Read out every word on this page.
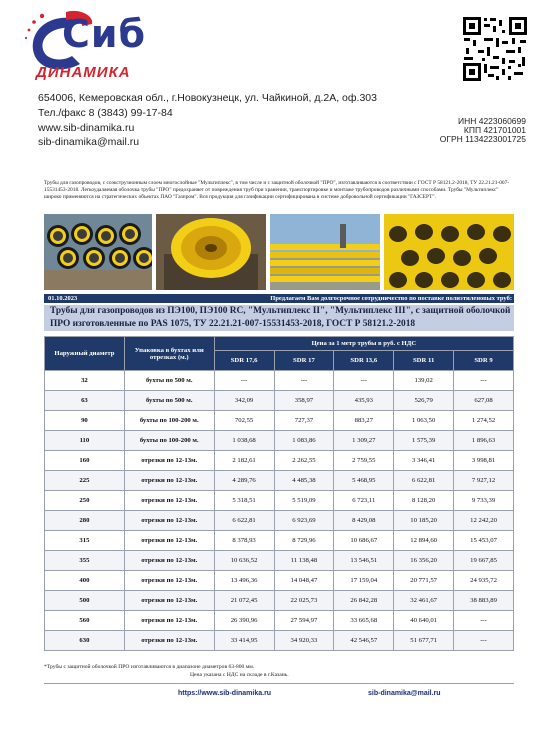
Сиб
ДИНАМИКА
654006, Кемеровская обл., г.Новокузнецк, ул. Чайкиной, д.2А, оф.303
Тел./факс 8 (3843) 99-17-84
www.sib-dinamika.ru
sib-dinamika@mail.ru
ИНН 4223060699
КПП 421701001
ОГРН 1134223001725
Трубы для газопроводов, с соэкструзионным слоем многослойные "Мультиплекс", в том числе и с защитной оболочкой "ПРО", изготавливаются в соответствии с ГОСТ Р 58121.2-2018, ТУ 22.21.21-007-15531453-2018. Легкоудаляемая оболочка трубы "ПРО" предохраняет от повреждения труб при хранении, транспортировке и монтаже трубопроводов различными способами. Трубы "Мультиплекс" широко применяются на стратегических объектах ПАО "Газпром". Вся продукция для газификации сертифицирована в системе добровольной сертификации "ГАЗСЕРТ".
01.10.2023	Предлагаем Вам долгосрочное сотрудничество по поставке полиэтиленовых труб:
Трубы для газопроводов из ПЭ100, ПЭ100 RC, "Мультиплекс II", "Мультиплекс III", с защитной оболочкой ПРО изготовленные по PAS 1075, ТУ 22.21.21-007-15531453-2018, ГОСТ Р 58121.2-2018
Наружный диаметр	Упаковка в бухтах или отрезках (м.)	Цена за 1 метр трубы в руб. с НДС				
		SDR 17,6	SDR 17	SDR 13,6	SDR 11	SDR 9
32	бухты по 500 м.	---	---	---	139,02	---
63	бухты по 500 м.	342,09	358,97	435,93	526,79	627,08
90	бухты по 100-200 м.	702,55	727,37	883,27	1 063,50	1 274,52
110	бухты по 100-200 м.	1 038,68	1 083,86	1 309,27	1 575,39	1 896,63
160	отрезки по 12-13м.	2 182,61	2 262,55	2 759,55	3 346,41	3 998,81
225	отрезки по 12-13м.	4 289,76	4 485,38	5 468,95	6 622,81	7 927,12
250	отрезки по 12-13м.	5 318,51	5 519,09	6 723,11	8 128,20	9 733,39
280	отрезки по 12-13м.	6 622,81	6 923,69	8 429,08	10 185,20	12 242,20
315	отрезки по 12-13м.	8 378,93	8 729,96	10 686,67	12 894,60	15 453,07
355	отрезки по 12-13м.	10 636,52	11 138,48	13 546,51	16 356,20	19 667,85
400	отрезки по 12-13м.	13 496,36	14 048,47	17 159,04	20 771,57	24 935,72
500	отрезки по 12-13м.	21 072,45	22 025,73	26 842,28	32 461,67	38 883,89
560	отрезки по 12-13м.	26 390,96	27 594,97	33 665,68	40 640,01	---
630	отрезки по 12-13м.	33 414,95	34 920,33	42 546,57	51 677,71	---
*Трубы с защитной оболочкой ПРО изготавливаются в диапазоне диаметров 63-800 мм.
Цена указана с НДС на складе в г.Казань.
https://www.sib-dinamika.ru	sib-dinamika@mail.ru
